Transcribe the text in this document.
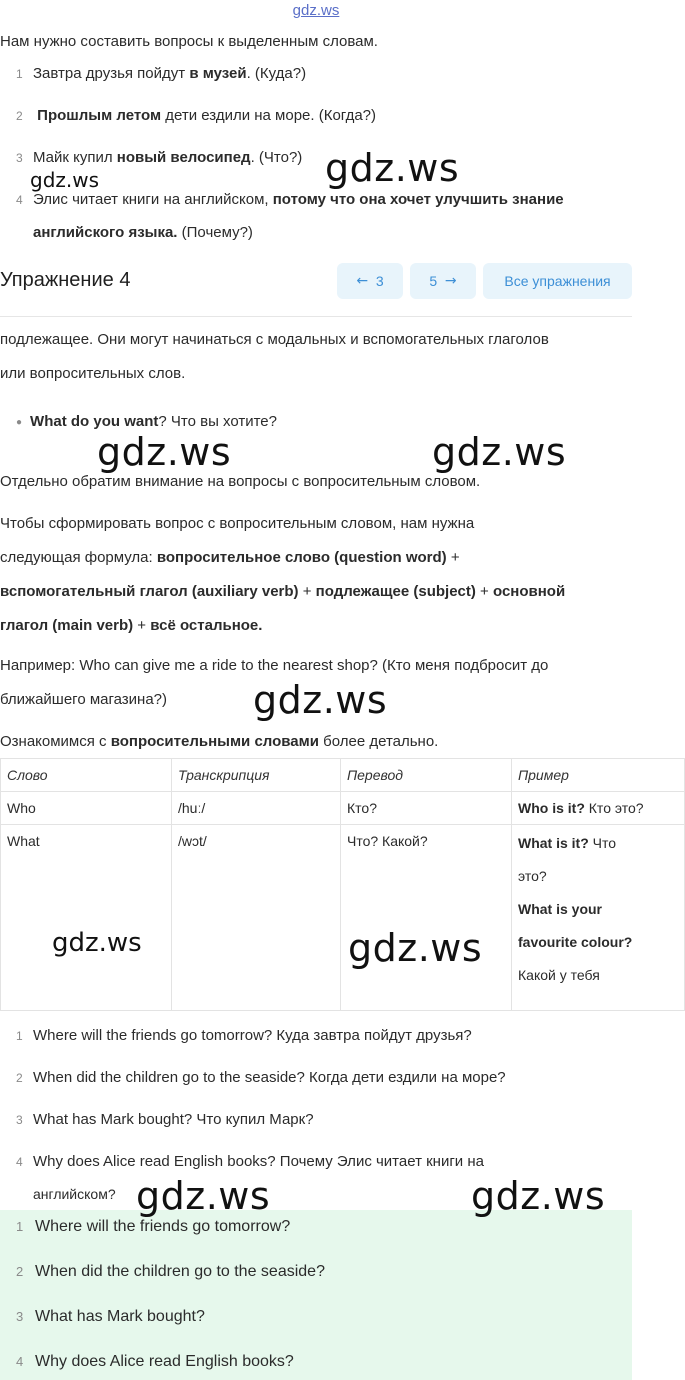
gdz.ws
Нам нужно составить вопросы к выделенным словам.
1 Завтра друзья пойдут в музей. (Куда?)
2 Прошлым летом дети ездили на море. (Когда?)
3 Майк купил новый велосипед. (Что?)
4 Элис читает книги на английском, потому что она хочет улучшить знание
английского языка. (Почему?)
Упражнение 4	←
3	5
→	Все упражнения
подлежащее. Они могут начинаться с модальных и вспомогательных глаголов
или вопросительных слов.
● What do you want? Что вы хотите?
Отдельно обратим внимание на вопросы с вопросительным словом.
Чтобы сформировать вопрос с вопросительным словом, нам нужна
следующая формула: вопросительное слово (question word) +
вспомогательный глагол (auxiliary verb) + подлежащее (subject) + основной
глагол (main verb) + всё остальное.
Например: Who can give me a ride to the nearest shop? (Кто меня подбросит до
ближайшего магазина?)
Ознакомимся с вопросительными словами более детально.
Слово	Транскрипция	Перевод	Пример
Who	/huː/	Кто?	Who is it? Кто это?
What	/wɔt/	Что? Какой?	What is it? Что
это?
What is your
favourite colour?
Какой у тебя
1 Where will the friends go tomorrow? Куда завтра пойдут друзья?
2 When did the children go to the seaside? Когда дети ездили на море?
3 What has Mark bought? Что купил Марк?
4 Why does Alice read English books? Почему Элис читает книги на
английском?
1 Where will the friends go tomorrow?
2 When did the children go to the seaside?
3 What has Mark bought?
4 Why does Alice read English books?
gdz.ws	gdz.ws
gdz.ws	gdz.ws
gdz.ws
gdz.ws	gdz.ws
gdz.ws	gdz.ws
